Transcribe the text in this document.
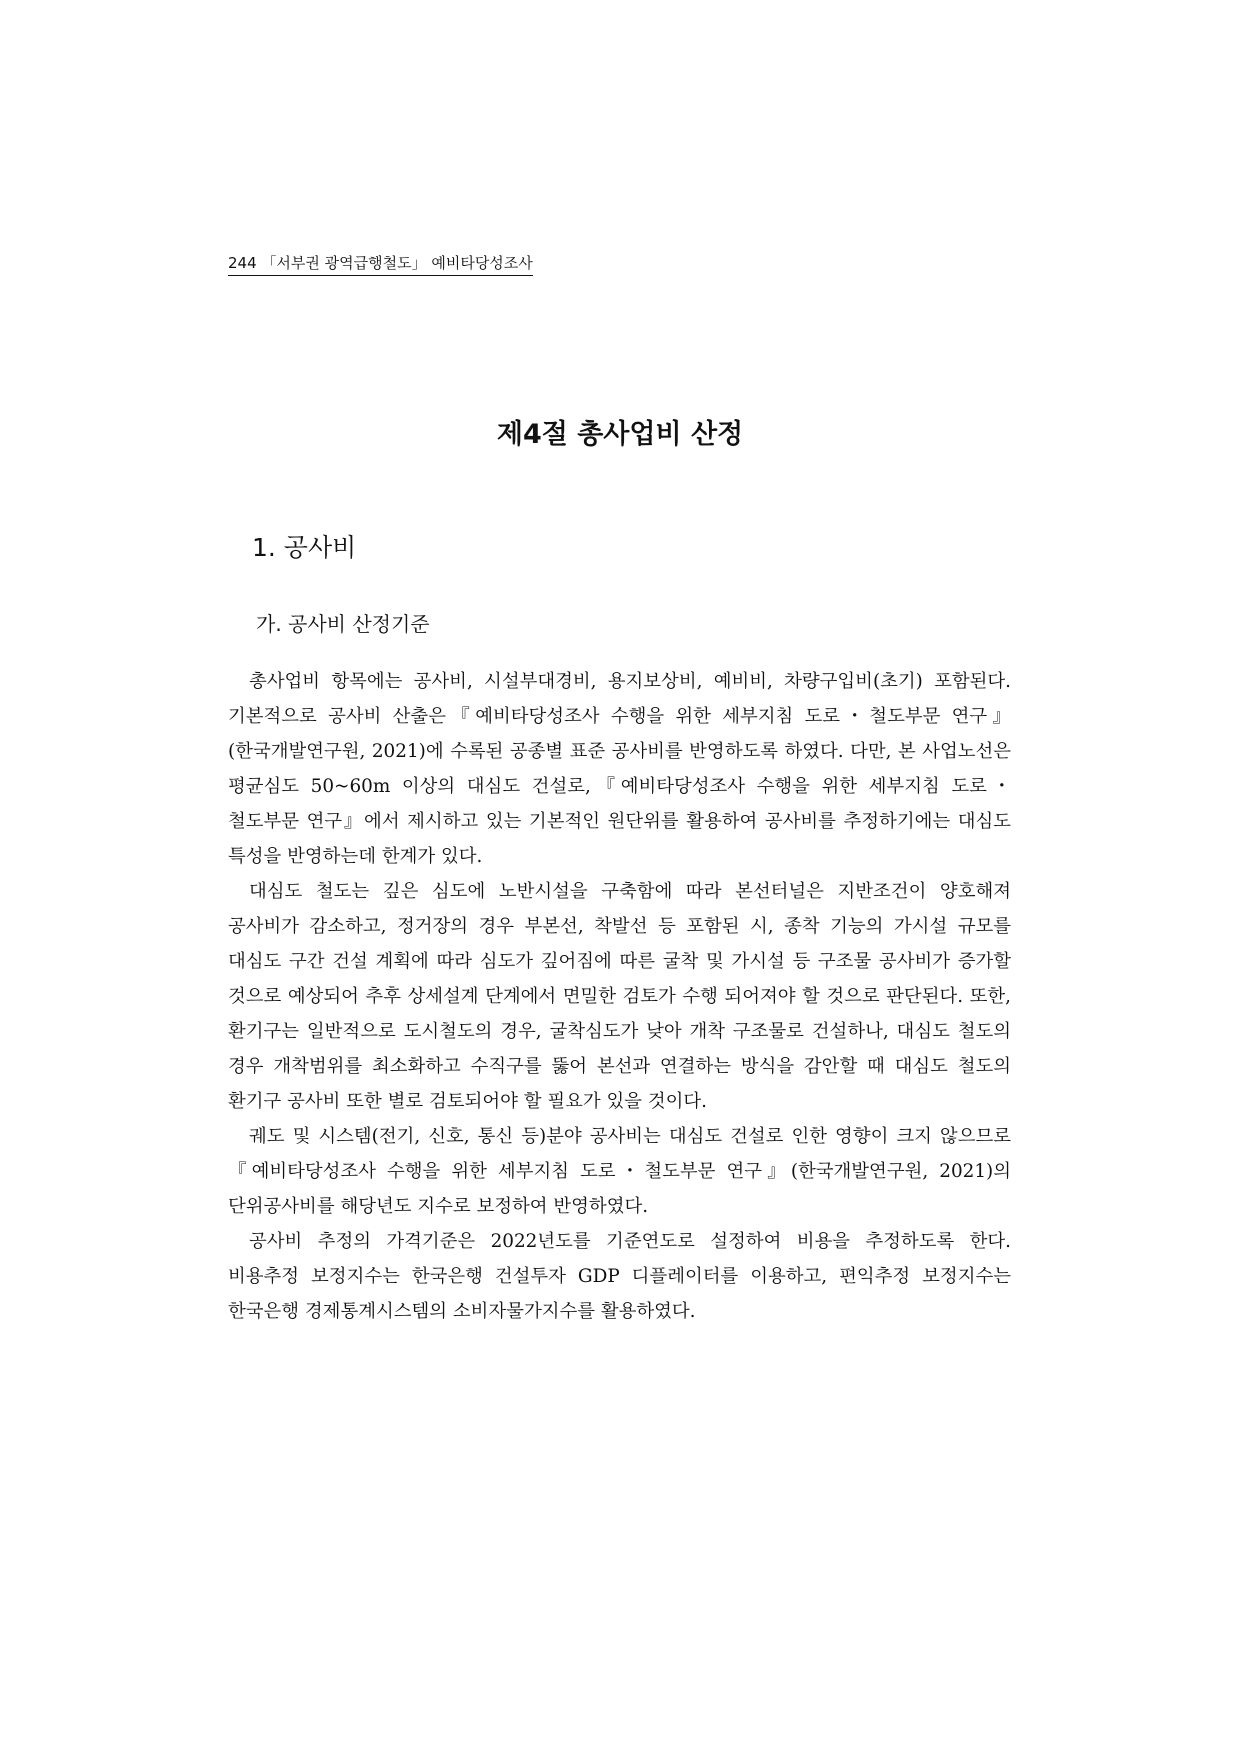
244 「서부권 광역급행철도」 예비타당성조사
제4절 총사업비 산정
1. 공사비
가. 공사비 산정기준

총사업비 항목에는 공사비, 시설부대경비, 용지보상비, 예비비, 차량구입비(초기) 포함된다. 기본적으로 공사비 산출은『예비타당성조사 수행을 위한 세부지침 도로・철도부문 연구』(한국개발연구원, 2021)에 수록된 공종별 표준 공사비를 반영하도록 하였다. 다만, 본 사업노선은 평균심도 50~60m 이상의 대심도 건설로,『예비타당성조사 수행을 위한 세부지침 도로・철도부문 연구』에서 제시하고 있는 기본적인 원단위를 활용하여 공사비를 추정하기에는 대심도 특성을 반영하는데 한계가 있다.

대심도 철도는 깊은 심도에 노반시설을 구축함에 따라 본선터널은 지반조건이 양호해져 공사비가 감소하고, 정거장의 경우 부본선, 착발선 등 포함된 시, 종착 기능의 가시설 규모를 대심도 구간 건설 계획에 따라 심도가 깊어짐에 따른 굴착 및 가시설 등 구조물 공사비가 증가할 것으로 예상되어 추후 상세설계 단계에서 면밀한 검토가 수행 되어져야 할 것으로 판단된다. 또한, 환기구는 일반적으로 도시철도의 경우, 굴착심도가 낮아 개착 구조물로 건설하나, 대심도 철도의 경우 개착범위를 최소화하고 수직구를 뚫어 본선과 연결하는 방식을 감안할 때 대심도 철도의 환기구 공사비 또한 별로 검토되어야 할 필요가 있을 것이다.

궤도 및 시스템(전기, 신호, 통신 등)분야 공사비는 대심도 건설로 인한 영향이 크지 않으므로『예비타당성조사 수행을 위한 세부지침 도로・철도부문 연구』(한국개발연구원, 2021)의 단위공사비를 해당년도 지수로 보정하여 반영하였다.

공사비 추정의 가격기준은 2022년도를 기준연도로 설정하여 비용을 추정하도록 한다. 비용추정 보정지수는 한국은행 건설투자 GDP 디플레이터를 이용하고, 편익추정 보정지수는 한국은행 경제통계시스템의 소비자물가지수를 활용하였다.
